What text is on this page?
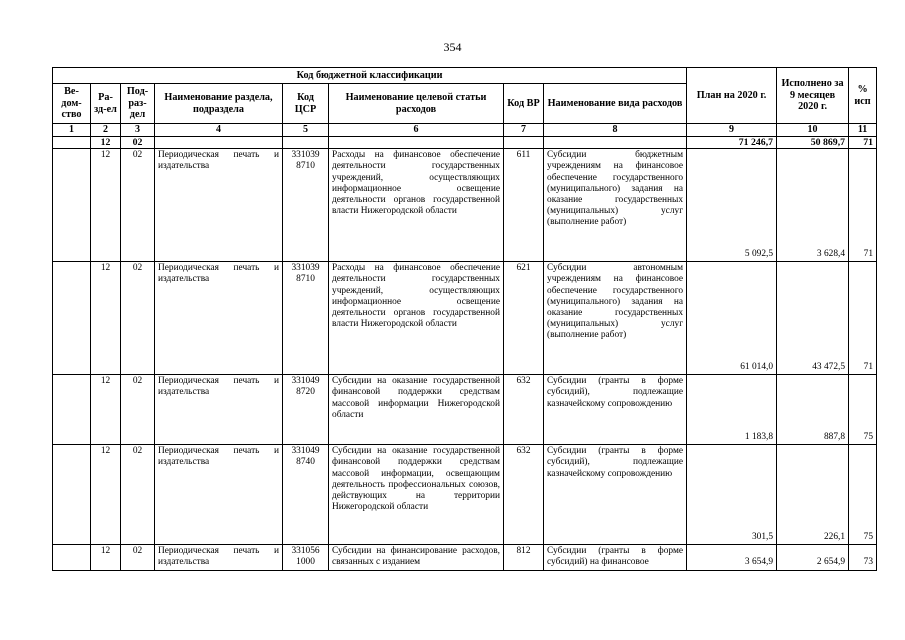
354
Код бюджетной классификации								План на 2020 г.	Исполнено за 9 месяцев 2020 г.	% исп
Ве-дом-ство	Ра-зд-ел	Под-раз-дел	Наименование раздела, подраздела	Код ЦСР	Наименование целевой статьи расходов	Код ВР	Наименование вида расходов			
1	2	3	4	5	6	7	8	9	10	11
	12	02						71 246,7	50 869,7	71
	12	02	Периодическая печать и издательства	331039 8710	Расходы на финансовое обеспечение деятельности государственных учреждений, осуществляющих информационное освещение деятельности органов государственной власти Нижегородской области	611	Субсидии бюджетным учреждениям на финансовое обеспечение государственного (муниципального) задания на оказание государственных (муниципальных) услуг (выполнение работ)	5 092,5	3 628,4	71
	12	02	Периодическая печать и издательства	331039 8710	Расходы на финансовое обеспечение деятельности государственных учреждений, осуществляющих информационное освещение деятельности органов государственной власти Нижегородской области	621	Субсидии автономным учреждениям на финансовое обеспечение государственного (муниципального) задания на оказание государственных (муниципальных) услуг (выполнение работ)	61 014,0	43 472,5	71
	12	02	Периодическая печать и издательства	331049 8720	Субсидии на оказание государственной финансовой поддержки средствам массовой информации Нижегородской области	632	Субсидии (гранты в форме субсидий), подлежащие казначейскому сопровождению	1 183,8	887,8	75
	12	02	Периодическая печать и издательства	331049 8740	Субсидии на оказание государственной финансовой поддержки средствам массовой информации, освещающим деятельность профессиональных союзов, действующих на территории Нижегородской области	632	Субсидии (гранты в форме субсидий), подлежащие казначейскому сопровождению	301,5	226,1	75
	12	02	Периодическая печать и издательства	331056 1000	Субсидии на финансирование расходов, связанных с изданием	812	Субсидии (гранты в форме субсидий) на финансовое	3 654,9	2 654,9	73
